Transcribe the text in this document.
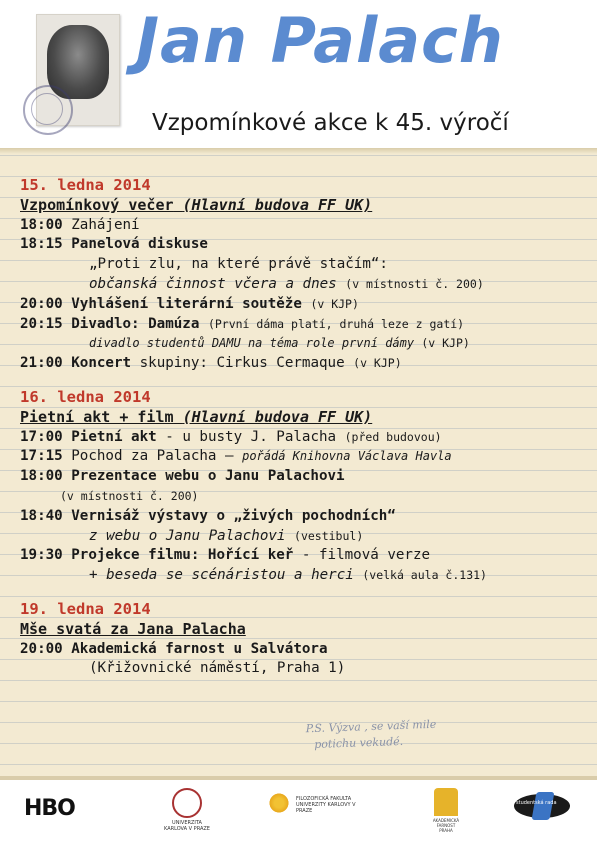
Jan Palach
Vzpomínkové akce k 45. výročí
15. ledna 2014
Vzpomínkový večer (Hlavní budova FF UK)
18:00 Zahájení
18:15 Panelová diskuse
„Proti zlu, na které právě stačím“:
občanská činnost včera a dnes (v místnosti č. 200)
20:00 Vyhlášení literární soutěže (v KJP)
20:15 Divadlo: Damúza (První dáma platí, druhá leze z gatí)
divadlo studentů DAMU na téma role první dámy (v KJP)
21:00 Koncert skupiny: Cirkus Cermaque (v KJP)
16. ledna 2014
Pietní akt + film (Hlavní budova FF UK)
17:00 Pietní akt - u busty J. Palacha (před budovou)
17:15 Pochod za Palacha – pořádá Knihovna Václava Havla
18:00 Prezentace webu o Janu Palachovi
(v místnosti č. 200)
18:40 Vernisáž výstavy o „živých pochodních“
z webu o Janu Palachovi (vestibul)
19:30 Projekce filmu: Hořící keř - filmová verze
+ beseda se scénáristou a herci (velká aula č.131)
19. ledna 2014
Mše svatá za Jana Palacha
20:00 Akademická farnost u Salvátora
(Křižovnické náměstí, Praha 1)
P.S. Výzva , se vaší mile
potichu vekudé.
HBO
UNIVERZITA KARLOVA V PRAZE
FILOZOFICKÁ FAKULTA UNIVERZITY KARLOVY V PRAZE
AKADEMICKÁ FARNOST PRAHA
studentská rada
